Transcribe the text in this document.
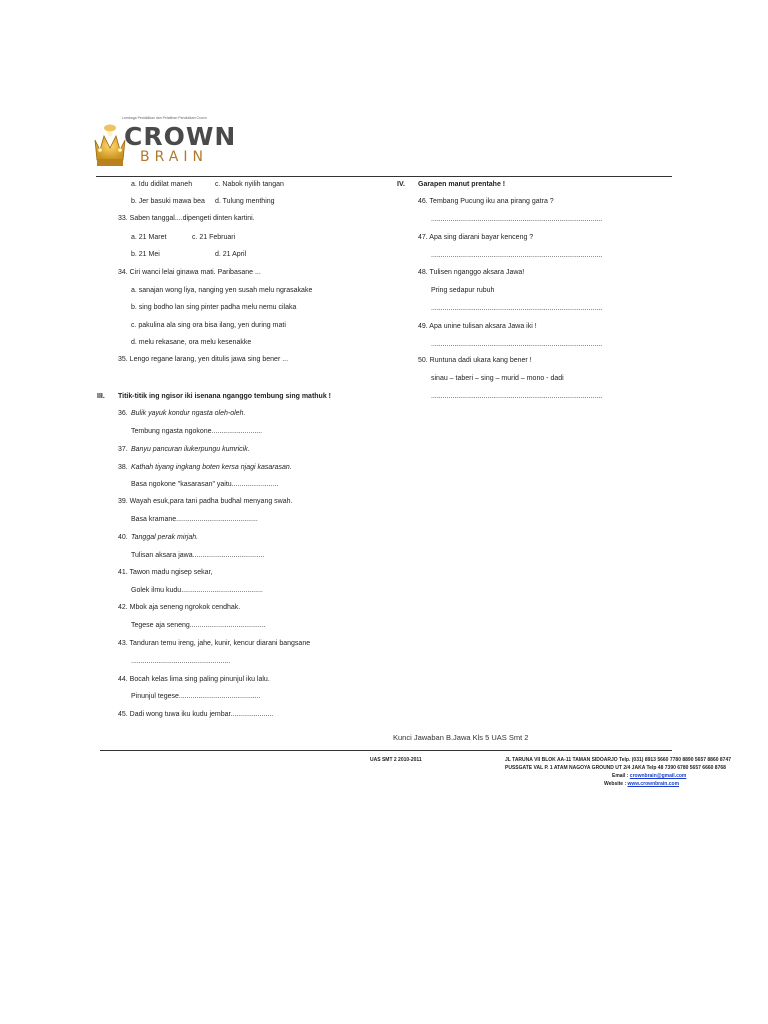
Lembaga Pendidikan dan Pelatihan Pendidikan Crown
CROWN
BRAIN
a. Idu didilat maneh	c. Nabok nyilih tangan
b. Jer basuki mawa bea d. Tulung menthing
33. Saben tanggal....dipengeti dinten kartini.
a. 21 Maret	c. 21 Februari
b. 21 Mei	d. 21 April
34. Ciri wanci lelai ginawa mati. Paribasane ...
a. sanajan wong liya, nanging yen susah melu ngrasakake
b. sing bodho lan sing pinter padha melu nemu cilaka
c. pakulina ala sing ora bisa ilang, yen during mati
d. melu rekasane, ora melu kesenakke
35. Lengo regane larang, yen ditulis jawa sing bener ...
III. Titik-titik ing ngisor iki isenana nganggo tembung sing mathuk !
36. Bulik yayuk kondur ngasta oleh-oleh.
Tembung ngasta ngokone..........................
37. Banyu pancuran ilukerpungu kumricik.
38. Kathah tiyang ingkang boten kersa njagi kasarasan.
Basa ngokone "kasarasan" yaitu........................
39. Wayah esuk,para tani padha budhal menyang swah.
Basa kramane..........................................
40. Tanggal perak mirjah.
Tulisan aksara jawa.....................................
41. Tawon madu ngisep sekar,
Golek ilmu kudu..........................................
42. Mbok aja seneng ngrokok cendhak.
Tegese aja seneng.......................................
43. Tanduran temu ireng, jahe, kunir, kencur diarani bangsane
...................................................
44. Bocah kelas lima sing paling pinunjul iku lalu.
Pinunjul tegese..........................................
45. Dadi wong tuwa iku kudu jembar......................
IV. Garapen manut prentahe !
46. Tembang Pucung iku ana pirang gatra ?
........................................................................................
47. Apa sing diarani bayar kenceng ?
........................................................................................
48. Tulisen nganggo aksara Jawa!
Pring sedapur rubuh
........................................................................................
49. Apa unine tulisan aksara Jawa iki !
........................................................................................
50. Runtuna dadi ukara kang bener !
sinau – taberi – sing – murid – mono - dadi
........................................................................................
Kunci Jawaban B.Jawa Kls 5 UAS Smt 2
UAS SMT 2 2010-2011	JL TARUNA VII BLOK AA-11 TAMAN SIDOARJO Telp. (031) 8913 5660 7780 8890 5657 8860 8747
PUSSGATE VAL P. 1 ATAM NAGOYA GROUND UT 2/4 JAKA Telp 48 7390 6780 5657 6660 8768
Email : crownbrain@gmail.com
Website : www.crownbrain.com
